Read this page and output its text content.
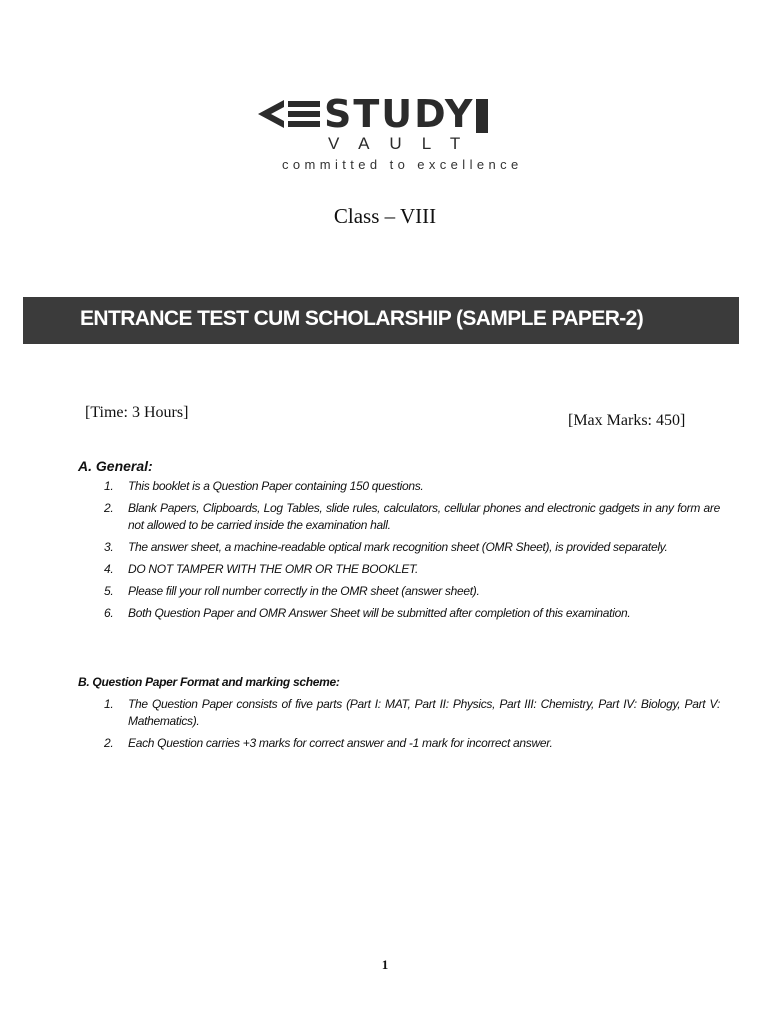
STUDY
VAULT
committed to excellence
Class – VIII
ENTRANCE TEST CUM SCHOLARSHIP (SAMPLE PAPER-2)
[Time: 3 Hours]	[Max Marks: 450]
A. General:
1. This booklet is a Question Paper containing 150 questions.
2. Blank Papers, Clipboards, Log Tables, slide rules, calculators, cellular phones and electronic gadgets in any form are not allowed to be carried inside the examination hall.
3. The answer sheet, a machine-readable optical mark recognition sheet (OMR Sheet), is provided separately.
4. DO NOT TAMPER WITH THE OMR OR THE BOOKLET.
5. Please fill your roll number correctly in the OMR sheet (answer sheet).
6. Both Question Paper and OMR Answer Sheet will be submitted after completion of this examination.
B. Question Paper Format and marking scheme:
1. The Question Paper consists of five parts (Part I: MAT, Part II: Physics, Part III: Chemistry, Part IV: Biology, Part V: Mathematics).
2. Each Question carries +3 marks for correct answer and -1 mark for incorrect answer.
1
